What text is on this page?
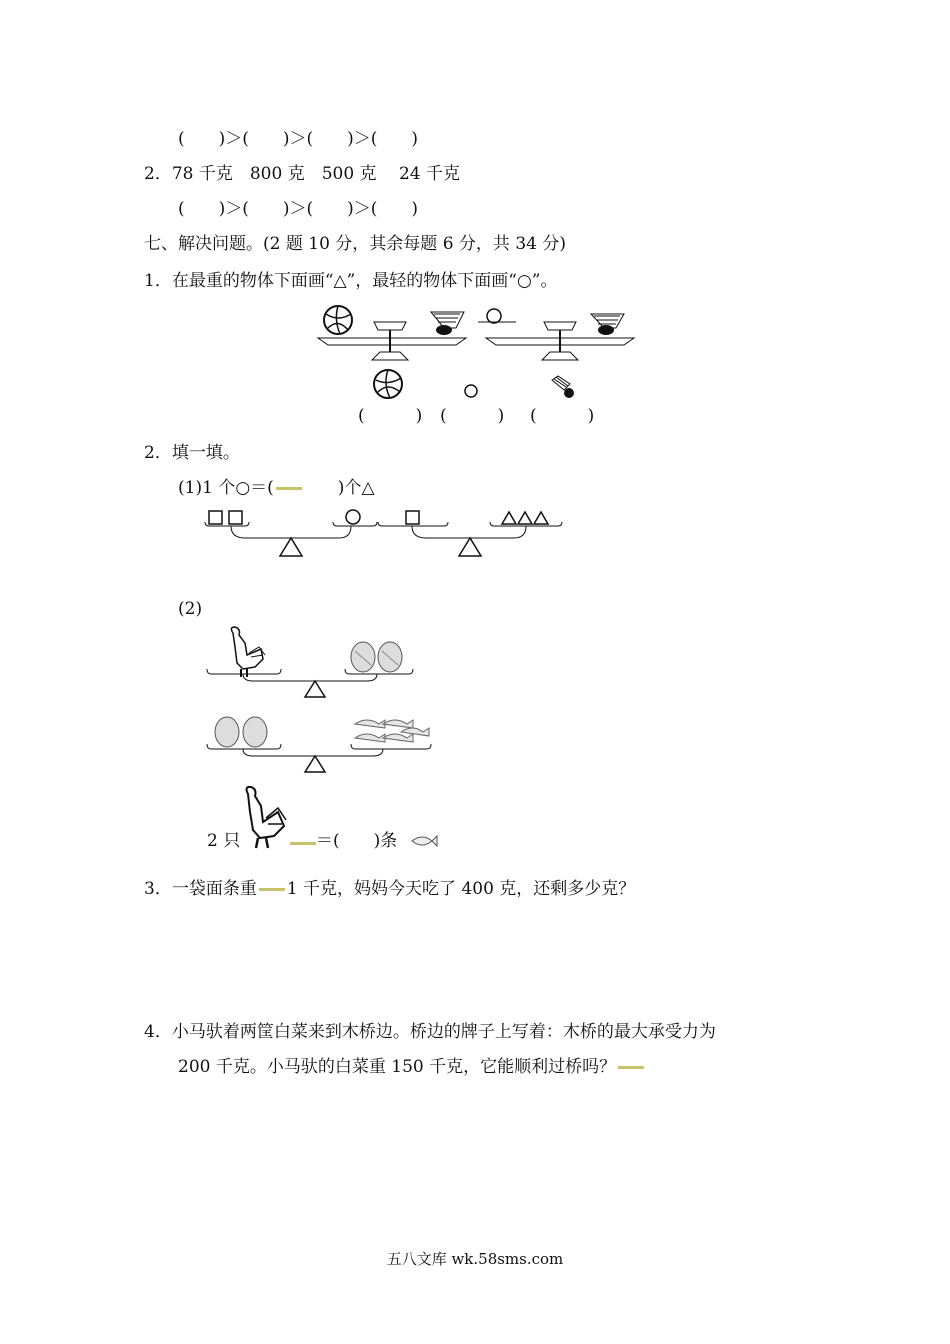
(　　)＞(　　)＞(　　)＞(　　)
2．78 千克　800 克　500 克　 24 千克
(　　)＞(　　)＞(　　)＞(　　)
七、解决问题。(2 题 10 分，其余每题 6 分，共 34 分)
1．在最重的物体下面画“△”，最轻的物体下面画“○”。
(　　　) (　　　) (　　　)
2．填一填。
(1)1 个○＝(　　	)个△
(2)
2 只	＝(　　)条
3．一袋面条重 1 千克，妈妈今天吃了 400 克，还剩多少克？
4．小马驮着两筐白菜来到木桥边。桥边的牌子上写着：木桥的最大承受力为
200 千克。小马驮的白菜重 150 千克，它能顺利过桥吗？
五八文库 wk.58sms.com
